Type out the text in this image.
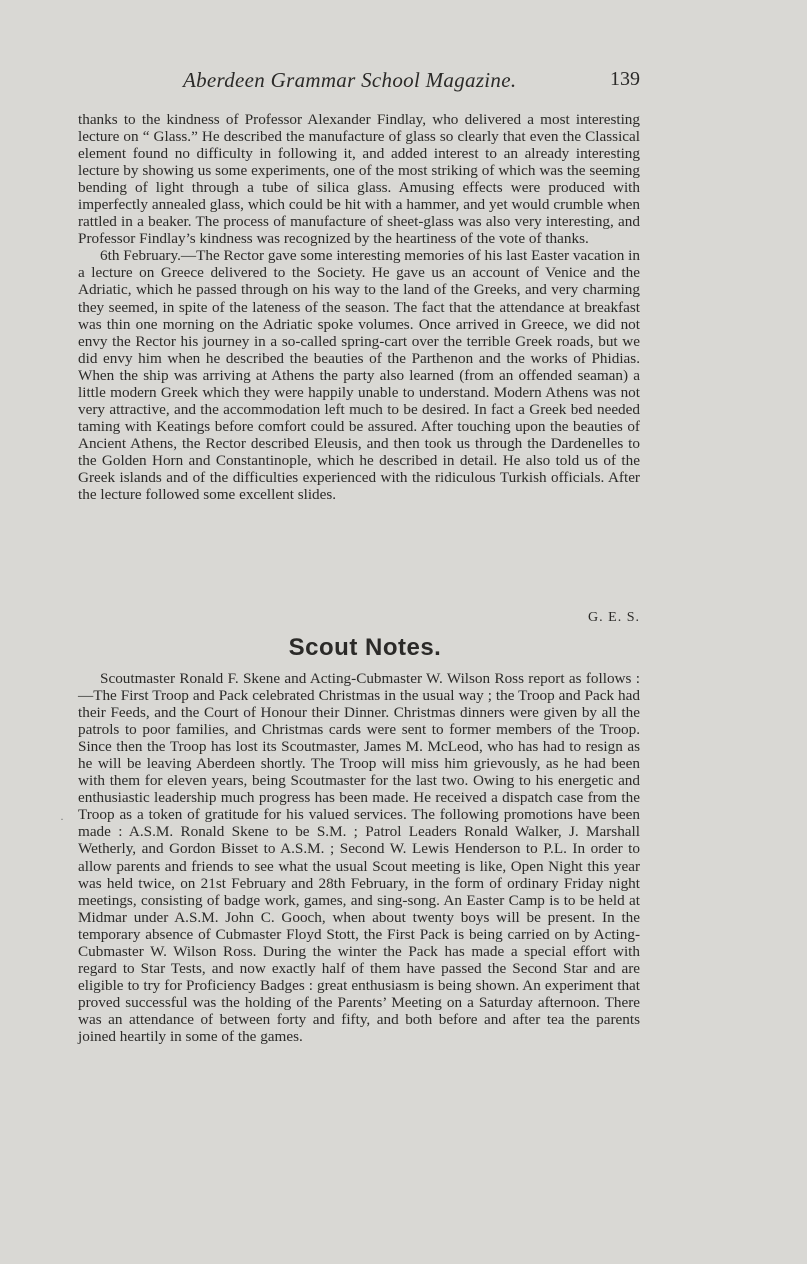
Aberdeen Grammar School Magazine.	139

thanks to the kindness of Professor Alexander Findlay, who delivered a most interesting lecture on “ Glass.” He described the manufacture of glass so clearly that even the Classical element found no difficulty in following it, and added interest to an already interesting lecture by showing us some experiments, one of the most striking of which was the seeming bending of light through a tube of silica glass. Amusing effects were produced with imperfectly annealed glass, which could be hit with a hammer, and yet would crumble when rattled in a beaker. The process of manufacture of sheet-glass was also very interesting, and Professor Findlay’s kindness was recognized by the heartiness of the vote of thanks.

6th February.—The Rector gave some interesting memories of his last Easter vacation in a lecture on Greece delivered to the Society. He gave us an account of Venice and the Adriatic, which he passed through on his way to the land of the Greeks, and very charming they seemed, in spite of the lateness of the season. The fact that the attendance at breakfast was thin one morning on the Adriatic spoke volumes. Once arrived in Greece, we did not envy the Rector his journey in a so-called spring-cart over the terrible Greek roads, but we did envy him when he described the beauties of the Parthenon and the works of Phidias. When the ship was arriving at Athens the party also learned (from an offended seaman) a little modern Greek which they were happily unable to understand. Modern Athens was not very attractive, and the accommodation left much to be desired. In fact a Greek bed needed taming with Keatings before comfort could be assured. After touching upon the beauties of Ancient Athens, the Rector described Eleusis, and then took us through the Dardenelles to the Golden Horn and Constantinople, which he described in detail. He also told us of the Greek islands and of the difficulties experienced with the ridiculous Turkish officials. After the lecture followed some excellent slides.

G. E. S.
Scout Notes.

Scoutmaster Ronald F. Skene and Acting-Cubmaster W. Wilson Ross report as follows :—The First Troop and Pack celebrated Christmas in the usual way ; the Troop and Pack had their Feeds, and the Court of Honour their Dinner. Christmas dinners were given by all the patrols to poor families, and Christmas cards were sent to former members of the Troop. Since then the Troop has lost its Scoutmaster, James M. McLeod, who has had to resign as he will be leaving Aberdeen shortly. The Troop will miss him grievously, as he had been with them for eleven years, being Scoutmaster for the last two. Owing to his energetic and enthusiastic leadership much progress has been made. He received a dispatch case from the Troop as a token of gratitude for his valued services. The following promotions have been made : A.S.M. Ronald Skene to be S.M. ; Patrol Leaders Ronald Walker, J. Marshall Wetherly, and Gordon Bisset to A.S.M. ; Second W. Lewis Henderson to P.L. In order to allow parents and friends to see what the usual Scout meeting is like, Open Night this year was held twice, on 21st February and 28th February, in the form of ordinary Friday night meetings, consisting of badge work, games, and sing-song. An Easter Camp is to be held at Midmar under A.S.M. John C. Gooch, when about twenty boys will be present. In the temporary absence of Cubmaster Floyd Stott, the First Pack is being carried on by Acting-Cubmaster W. Wilson Ross. During the winter the Pack has made a special effort with regard to Star Tests, and now exactly half of them have passed the Second Star and are eligible to try for Proficiency Badges : great enthusiasm is being shown. An experiment that proved successful was the holding of the Parents’ Meeting on a Saturday afternoon. There was an attendance of between forty and fifty, and both before and after tea the parents joined heartily in some of the games.

·
